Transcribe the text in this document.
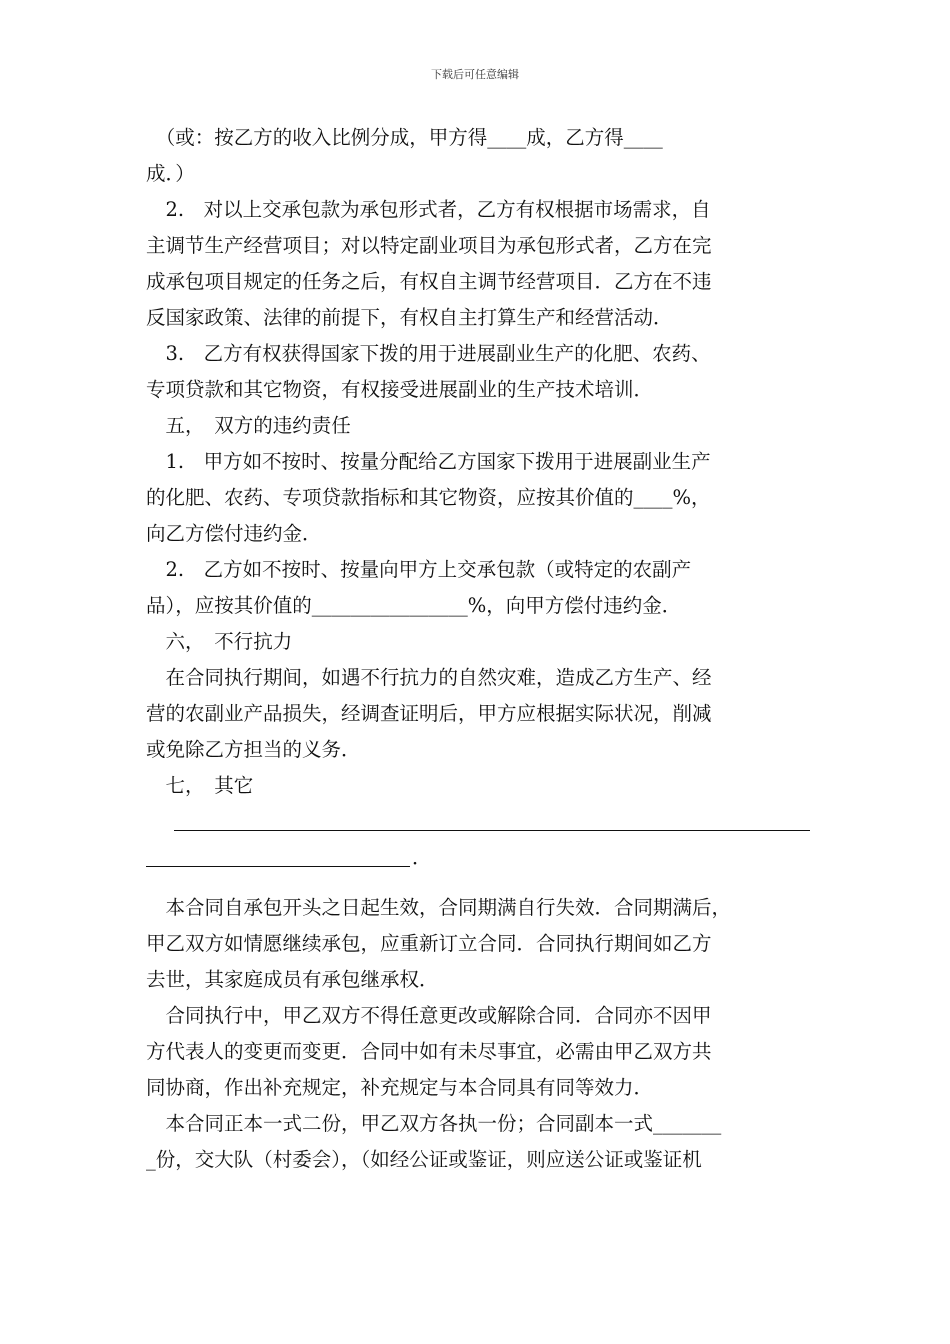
下载后可任意编辑
　（或：按乙方的收入比例分成，甲方得____成，乙方得____
成．）
　2.　对以上交承包款为承包形式者，乙方有权根据市场需求，自
主调节生产经营项目；对以特定副业项目为承包形式者，乙方在完
成承包项目规定的任务之后，有权自主调节经营项目．乙方在不违
反国家政策、法律的前提下，有权自主打算生产和经营活动．
　3.　乙方有权获得国家下拨的用于进展副业生产的化肥、农药、
专项贷款和其它物资，有权接受进展副业的生产技术培训．
　五，　双方的违约责任
　1.　甲方如不按时、按量分配给乙方国家下拨用于进展副业生产
的化肥、农药、专项贷款指标和其它物资，应按其价值的____%，
向乙方偿付违约金．
　2.　乙方如不按时、按量向甲方上交承包款（或特定的农副产
品），应按其价值的________________%，向甲方偿付违约金．
　六，　不行抗力
　在合同执行期间，如遇不行抗力的自然灾难，造成乙方生产、经
营的农副业产品损失，经调查证明后，甲方应根据实际状况，削减
或免除乙方担当的义务．
　七，　其它
．
　本合同自承包开头之日起生效，合同期满自行失效．合同期满后，
甲乙双方如情愿继续承包，应重新订立合同．合同执行期间如乙方
去世，其家庭成员有承包继承权．
　合同执行中，甲乙双方不得任意更改或解除合同．合同亦不因甲
方代表人的变更而变更．合同中如有未尽事宜，必需由甲乙双方共
同协商，作出补充规定，补充规定与本合同具有同等效力．
　本合同正本一式二份，甲乙双方各执一份；合同副本一式_______
_份，交大队（村委会），（如经公证或鉴证，则应送公证或鉴证机
